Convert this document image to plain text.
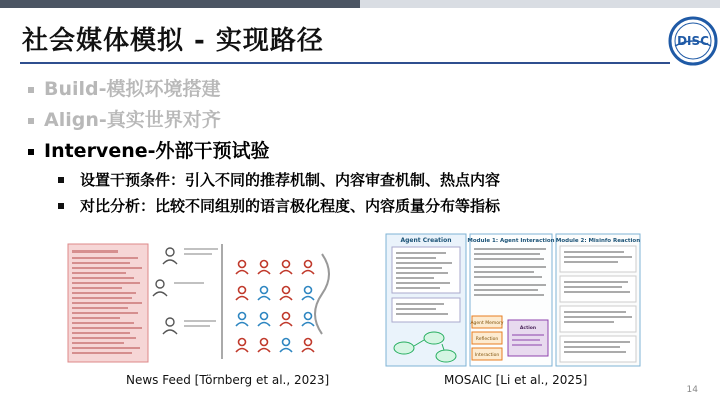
社会媒体模拟 - 实现路径	DISC
Build-模拟环境搭建
Align-真实世界对齐
Intervene-外部干预试验
设置干预条件：引入不同的推荐机制、内容审查机制、热点内容
对比分析：比较不同组别的语言极化程度、内容质量分布等指标
News Feed [Törnberg et al., 2023]
Agent Creation	Module 1: Agent Interaction
Agent Memory
Reflection
Interaction
Action
Module 2: Misinfo Reaction
MOSAIC [Li et al., 2025]
14
